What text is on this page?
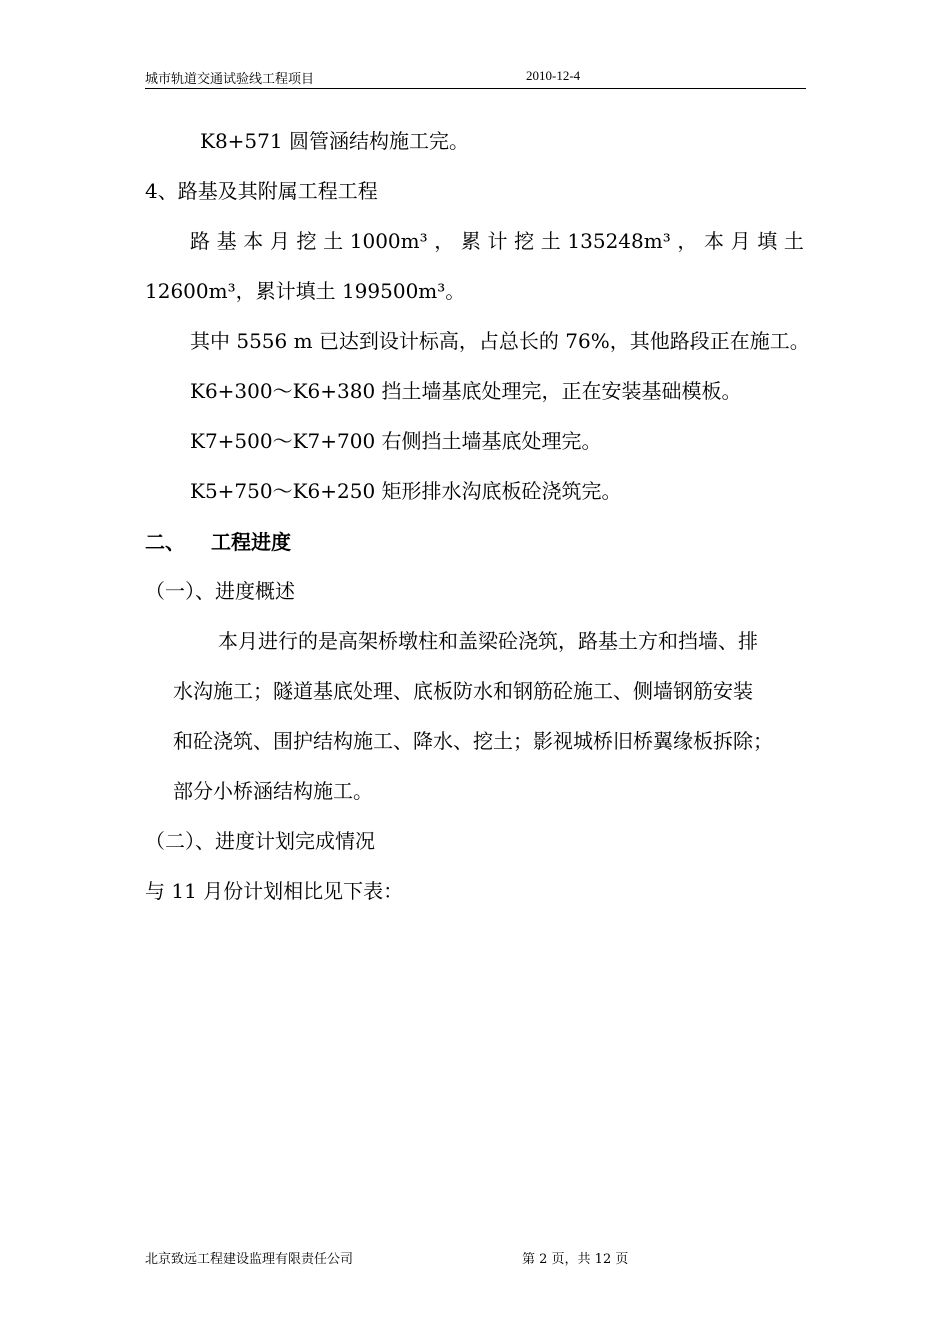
城市轨道交通试验线工程项目	2010-12-4
K8+571 圆管涵结构施工完。
4、路基及其附属工程工程
路 基 本 月 挖 土 1000m³ ， 累 计 挖 土 135248m³ ， 本 月 填 土
12600m³，累计填土 199500m³。
其中 5556 m 已达到设计标高，占总长的 76%，其他路段正在施工。
K6+300～K6+380 挡土墙基底处理完，正在安装基础模板。
K7+500～K7+700 右侧挡土墙基底处理完。
K5+750～K6+250 矩形排水沟底板砼浇筑完。
二、 工程进度
（一）、进度概述
本月进行的是高架桥墩柱和盖梁砼浇筑，路基土方和挡墙、排
水沟施工；隧道基底处理、底板防水和钢筋砼施工、侧墙钢筋安装
和砼浇筑、围护结构施工、降水、挖土；影视城桥旧桥翼缘板拆除；
部分小桥涵结构施工。
（二）、进度计划完成情况
与 11 月份计划相比见下表：
北京致远工程建设监理有限责任公司	第 2 页，共 12 页
